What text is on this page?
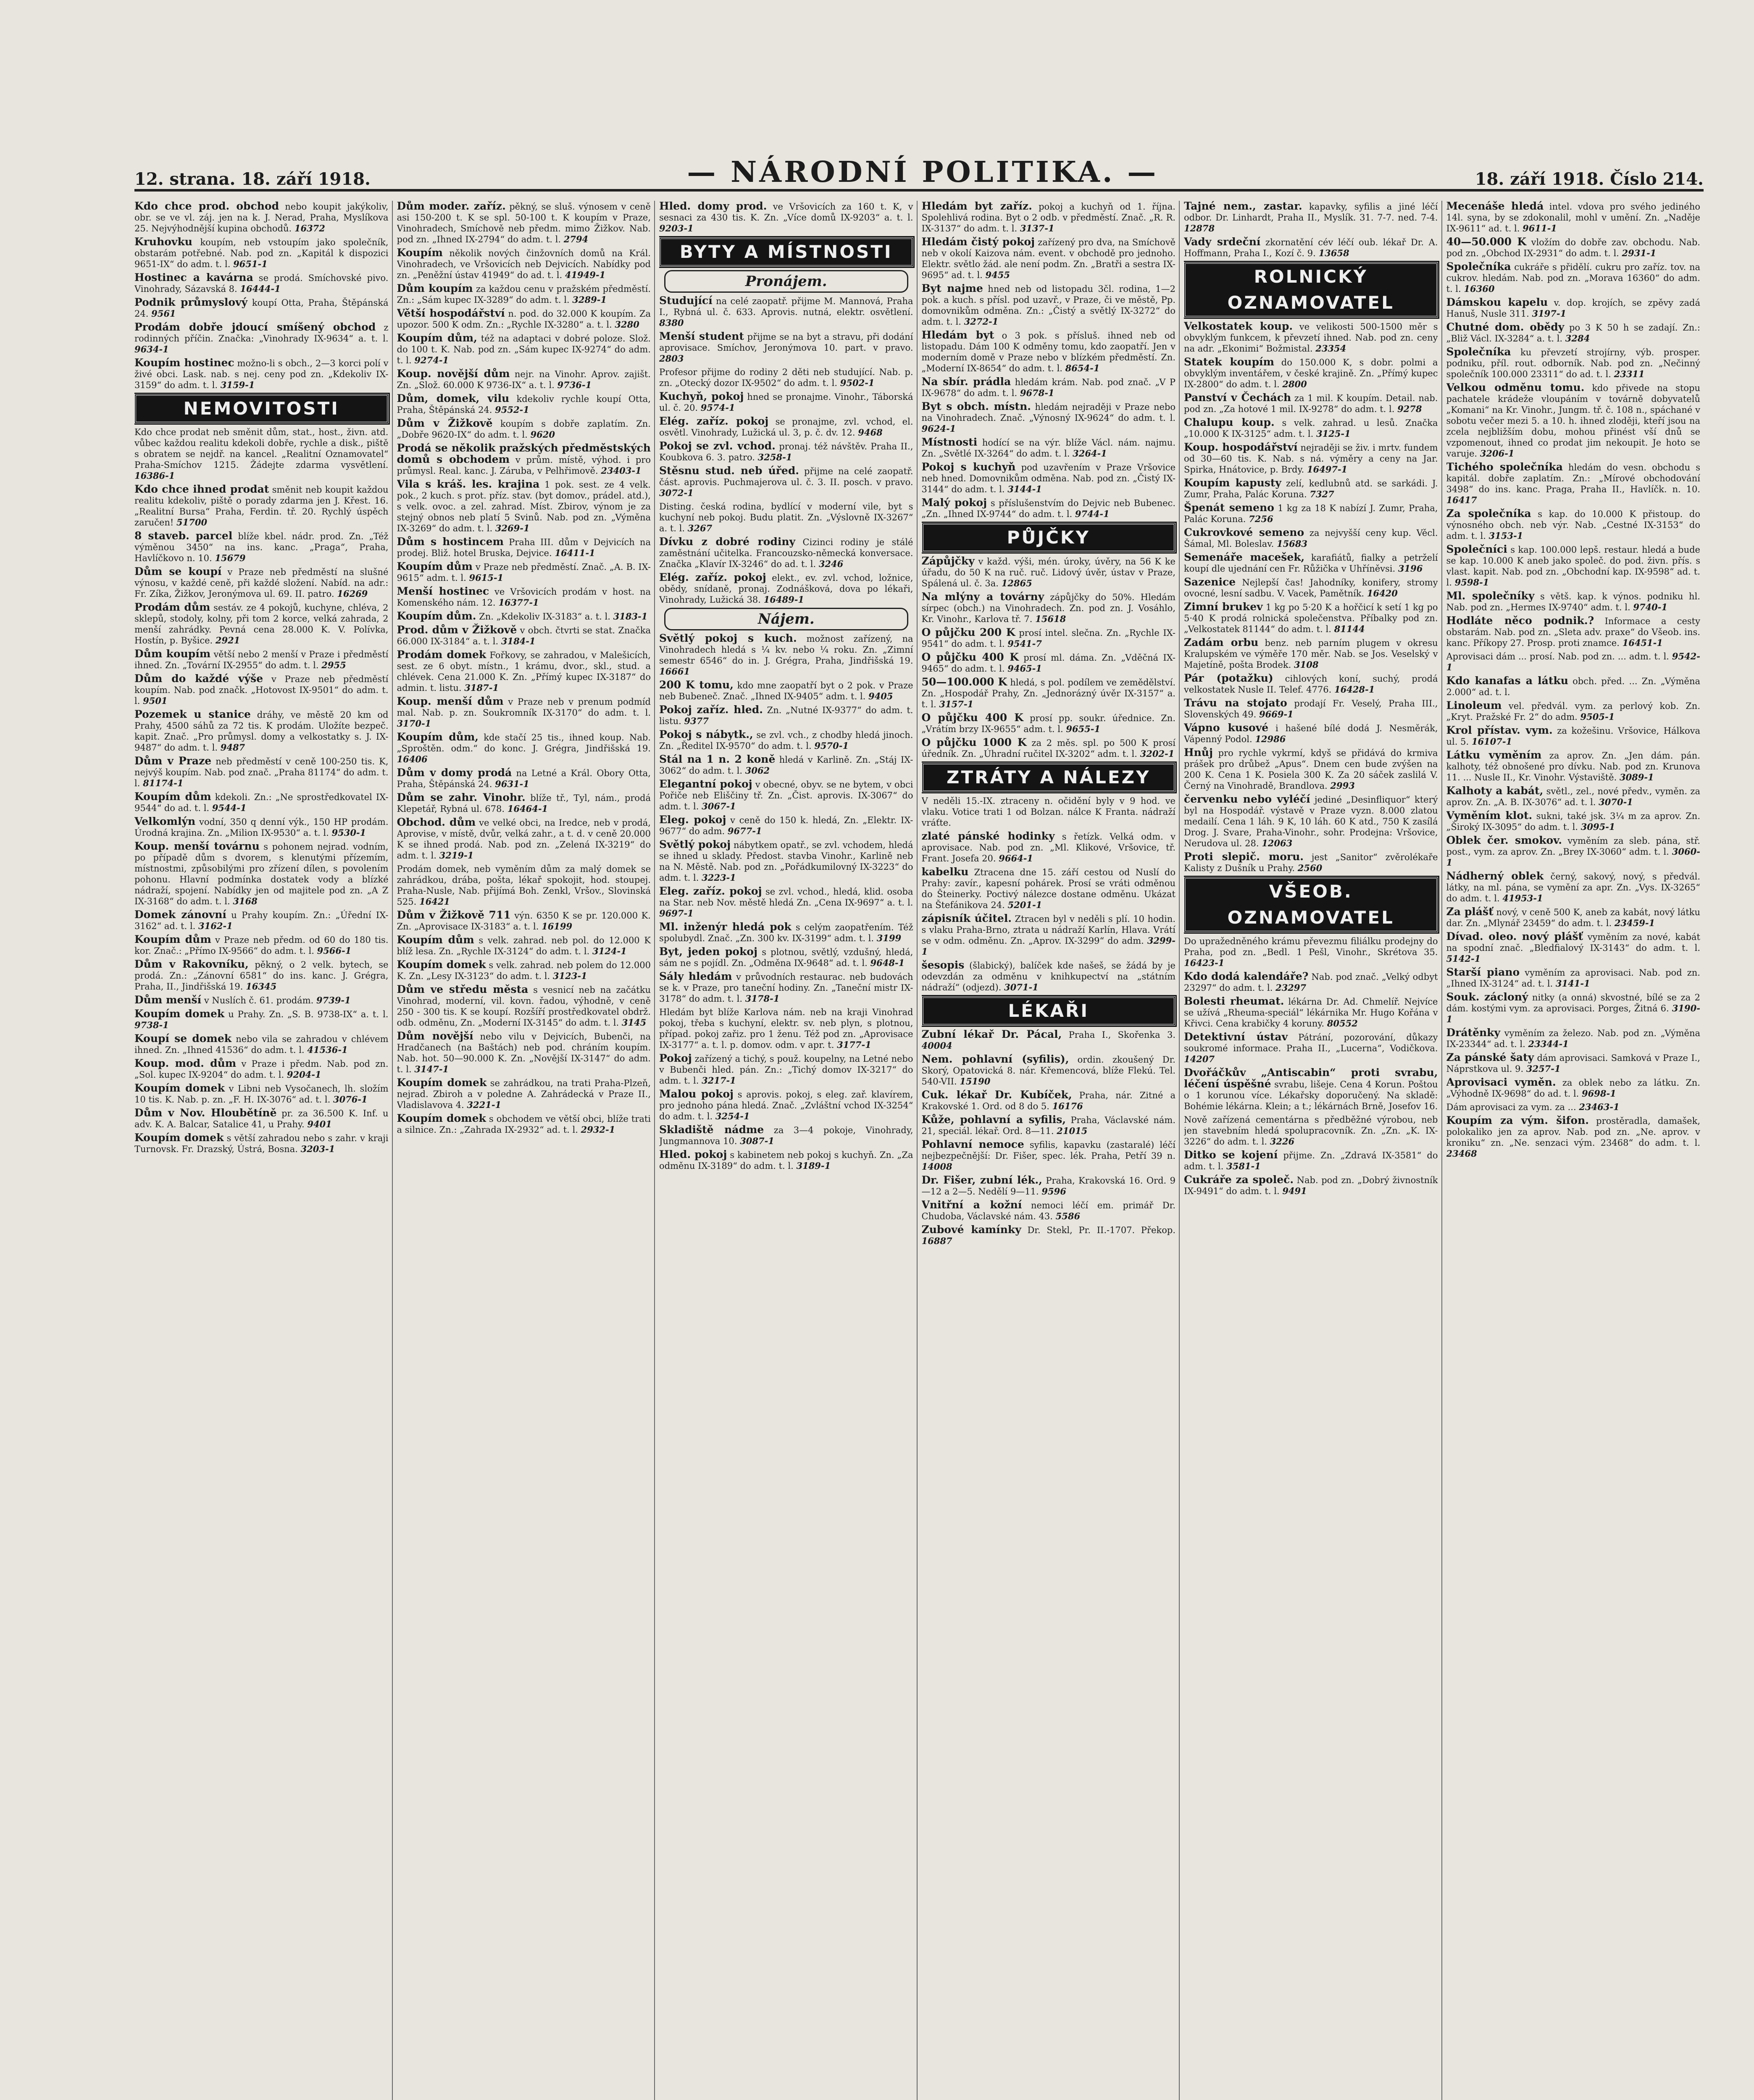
12. strana. 18. září 1918.	— NÁRODNÍ POLITIKA. —	18. září 1918. Číslo 214.

Kdo chce prod. obchod nebo koupit jakýkoliv, obr. se ve vl. záj. jen na k. J. Nerad, Praha, Myslíkova 25. Nejvýhodnější kupina obchodů. 16372

Kruhovku koupím, neb vstoupím jako společník, obstarám potřebné. Nab. pod zn. „Kapitál k dispozici 9651-IX“ do adm. t. l. 9651-1

Hostinec a kavárna se prodá. Smíchovské pivo. Vinohrady, Sázavská 8. 16444-1

Podnik průmyslový koupí Otta, Praha, Štěpánská 24. 9561

Prodám dobře jdoucí smíšený obchod z rodinných příčin. Značka: „Vinohrady IX-9634“ a. t. l. 9634-1

Koupím hostinec možno-li s obch., 2—3 korci polí v živé obci. Lask. nab. s nej. ceny pod zn. „Kdekoliv IX-3159“ do adm. t. l. 3159-1

NEMOVITOSTI

Kdo chce prodat neb směnit dům, stat., host., živn. atd. vůbec každou realitu kdekoli dobře, rychle a disk., piště s obratem se nejdř. na kancel. „Realitní Oznamovatel“ Praha-Smíchov 1215. Žádejte zdarma vysvětlení. 16386-1

Kdo chce ihned prodat směnit neb koupit každou realitu kdekoliv, piště o porady zdarma jen J. Křest. 16. „Realitní Bursa“ Praha, Ferdin. tř. 20. Rychlý úspěch zaručen! 51700

8 staveb. parcel blíže kbel. nádr. prod. Zn. „Též výměnou 3450“ na ins. kanc. „Praga“, Praha, Havlíčkovo n. 10. 15679

Dům se koupí v Praze neb předměstí na slušné výnosu, v každé ceně, při každé složení. Nabíd. na adr.: Fr. Zíka, Žižkov, Jeronýmova ul. 69. II. patro. 16269

Prodám dům sestáv. ze 4 pokojů, kuchyne, chléva, 2 sklepů, stodoly, kolny, při tom 2 korce, velká zahrada, 2 menší zahrádky. Pevná cena 28.000 K. V. Polívka, Hostín, p. Byšice. 2921

Dům koupím větší nebo 2 menší v Praze i předměstí ihned. Zn. „Tovární IX-2955“ do adm. t. l. 2955

Dům do každé výše v Praze neb předměstí koupím. Nab. pod značk. „Hotovost IX-9501“ do adm. t. l. 9501

Pozemek u stanice dráhy, ve městě 20 km od Prahy, 4500 sáhů za 72 tis. K prodám. Uložíte bezpeč. kapit. Znač. „Pro průmysl. domy a velkostatky s. J. IX-9487“ do adm. t. l. 9487

Dům v Praze neb předměstí v ceně 100-250 tis. K, nejvýš koupím. Nab. pod znač. „Praha 81174“ do adm. t. l. 81174-1

Koupím dům kdekoli. Zn.: „Ne sprostředkovatel IX-9544“ do ad. t. l. 9544-1

Velkomlýn vodní, 350 q denní výk., 150 HP prodám. Úrodná krajina. Zn. „Milion IX-9530“ a. t. l. 9530-1

Koup. menší továrnu s pohonem nejrad. vodním, po případě dům s dvorem, s klenutými přízemím, místnostmi, způsobilými pro zřízení dílen, s povolením pohonu. Hlavní podmínka dostatek vody a blízké nádraží, spojení. Nabídky jen od majitele pod zn. „A Z IX-3168“ do adm. t. l. 3168

Domek zánovní u Prahy koupím. Zn.: „Úřední IX-3162“ ad. t. l. 3162-1

Koupím dům v Praze neb předm. od 60 do 180 tis. kor. Znač.: „Přímo IX-9566“ do adm. t. l. 9566-1

Dům v Rakovníku, pěkný, o 2 velk. bytech, se prodá. Zn.: „Zánovní 6581“ do ins. kanc. J. Grégra, Praha, II., Jindřišská 19. 16345

Dům menší v Nuslích č. 61. prodám. 9739-1

Koupím domek u Prahy. Zn. „S. B. 9738-IX“ a. t. l. 9738-1

Koupí se domek nebo vila se zahradou v chlévem ihned. Zn. „Ihned 41536“ do adm. t. l. 41536-1

Koup. mod. dům v Praze i předm. Nab. pod zn. „Sol. kupec IX-9204“ do adm. t. l. 9204-1

Koupím domek v Libni neb Vysočanech, lh. složím 10 tis. K. Nab. p. zn. „F. H. IX-3076“ ad. t. l. 3076-1

Dům v Nov. Hloubětíně pr. za 36.500 K. Inf. u adv. K. A. Balcar, Satalice 41, u Prahy. 9401

Koupím domek s větší zahradou nebo s zahr. v kraji Turnovsk. Fr. Drazský, Ústrá, Bosna. 3203-1

Dům moder. zaříz. pěkný, se sluš. výnosem v ceně asi 150-200 t. K se spl. 50-100 t. K koupím v Praze, Vinohradech, Smíchově neb předm. mimo Žižkov. Nab. pod zn. „Ihned IX-2794“ do adm. t. l. 2794

Koupím několik nových činžovních domů na Král. Vinohradech, ve Vršovicích neb Dejvicích. Nabídky pod zn. „Peněžní ústav 41949“ do ad. t. l. 41949-1

Dům koupím za každou cenu v pražském předměstí. Zn.: „Sám kupec IX-3289“ do adm. t. l. 3289-1

Větší hospodářství n. pod. do 32.000 K koupím. Za upozor. 500 K odm. Zn.: „Rychle IX-3280“ a. t. l. 3280

Koupím dům, též na adaptaci v dobré poloze. Slož. do 100 t. K. Nab. pod zn. „Sám kupec IX-9274“ do adm. t. l. 9274-1

Koup. novější dům nejr. na Vinohr. Aprov. zajišt. Zn. „Slož. 60.000 K 9736-IX“ a. t. l. 9736-1

Dům, domek, vilu kdekoliv rychle koupí Otta, Praha, Štěpánská 24. 9552-1

Dům v Žižkově koupím s dobře zaplatím. Zn. „Dobře 9620-IX“ do adm. t. l. 9620

Prodá se několik pražských předměstských domů s obchodem v prům. místě, výhod. i pro průmysl. Real. kanc. J. Záruba, v Pelhřimově. 23403-1

Vila s kráš. les. krajina 1 pok. sest. ze 4 velk. pok., 2 kuch. s prot. příz. stav. (byt domov., prádel. atd.), s velk. ovoc. a zel. zahrad. Míst. Zbirov, výnom je za stejný obnos neb platí 5 Svinů. Nab. pod zn. „Výměna IX-3269“ do adm. t. l. 3269-1

Dům s hostincem Praha III. dům v Dejvicích na prodej. Bliž. hotel Bruska, Dejvice. 16411-1

Koupím dům v Praze neb předměstí. Znač. „A. B. IX-9615“ adm. t. l. 9615-1

Menší hostinec ve Vršovicích prodám v host. na Komenského nám. 12. 16377-1

Koupím dům. Zn. „Kdekoliv IX-3183“ a. t. l. 3183-1

Prod. dům v Žižkově v obch. čtvrti se stat. Značka 66.000 IX-3184“ a. t. l. 3184-1

Prodám domek Fořkovy, se zahradou, v Malešicích, sest. ze 6 obyt. místn., 1 krámu, dvor., skl., stud. a chlévek. Cena 21.000 K. Zn. „Přímý kupec IX-3187“ do admin. t. listu. 3187-1

Koup. menší dům v Praze neb v prenum podmíd mal. Nab. p. zn. Soukromník IX-3170“ do adm. t. l. 3170-1

Koupím dům, kde stačí 25 tis., ihned koup. Nab. „Sproštěn. odm.“ do konc. J. Grégra, Jindřišská 19. 16406

Dům v domy prodá na Letné a Král. Obory Otta, Praha, Štěpánská 24. 9631-1

Dům se zahr. Vinohr. blíže tř., Tyl, nám., prodá Klepetář, Rybná ul. 678. 16464-1

Obchod. dům ve velké obci, na Iredce, neb v prodá, Aprovise, v místě, dvůr, velká zahr., a t. d. v ceně 20.000 K se ihned prodá. Nab. pod zn. „Zelená IX-3219“ do adm. t. l. 3219-1

Prodám domek, neb vyměním dům za malý domek se zahrádkou, drába, pošta, lékař spokojit, hod. stoupej. Praha-Nusle, Nab. přijímá Boh. Zenkl, Vršov., Slovinská 525. 16421

Dům v Žižkově 711 výn. 6350 K se pr. 120.000 K. Zn. „Aprovisace IX-3183“ a. t. l. 16199

Koupím dům s velk. zahrad. neb pol. do 12.000 K blíž lesa. Zn. „Rychle IX-3124“ do adm. t. l. 3124-1

Koupím domek s velk. zahrad. neb polem do 12.000 K. Zn. „Lesy IX-3123“ do adm. t. l. 3123-1

Dům ve středu města s vesnicí neb na začátku Vinohrad, moderní, vil. kovn. řadou, výhodně, v ceně 250 - 300 tis. K se koupí. Rozšíří prostředkovatel obdrž. odb. odměnu, Zn. „Moderní IX-3145“ do adm. t. l. 3145

Dům novější nebo vilu v Dejvicích, Bubenči, na Hradčanech (na Baštách) neb pod. chráním koupím. Nab. hot. 50—90.000 K. Zn. „Novější IX-3147“ do adm. t. l. 3147-1

Koupím domek se zahrádkou, na trati Praha-Plzeň, nejrad. Zbiroh a v poledne A. Zahrádecká v Praze II., Vladislavova 4. 3221-1

Koupím domek s obchodem ve větší obci, blíže trati a silnice. Zn.: „Zahrada IX-2932“ ad. t. l. 2932-1

Hled. domy prod. ve Vršovicích za 160 t. K, v sesnaci za 430 tis. K. Zn. „Více domů IX-9203“ a. t. l. 9203-1

BYTY A MÍSTNOSTI
Pronájem.

Studující na celé zaopatř. přijme M. Mannová, Praha I., Rybná ul. č. 633. Aprovis. nutná, elektr. osvětlení. 8380

Menší student přijme se na byt a stravu, při dodání aprovisace. Smíchov, Jeronýmova 10. part. v pravo. 2803

Profesor přijme do rodiny 2 děti neb studující. Nab. p. zn. „Otecký dozor IX-9502“ do adm. t. l. 9502-1

Kuchyň, pokoj hned se pronajme. Vinohr., Táborská ul. č. 20. 9574-1

Elég. zaříz. pokoj se pronajme, zvl. vchod, el. osvětl. Vinohrady, Lužická ul. 3, p. č. dv. 12. 9468

Pokoj se zvl. vchod. pronaj. též návštěv. Praha II., Koubkova 6. 3. patro. 3258-1

Stěsnu stud. neb úřed. přijme na celé zaopatř. část. aprovis. Puchmajerova ul. č. 3. II. posch. v pravo. 3072-1

Disting. česká rodina, bydlící v moderní vile, byt s kuchyní neb pokoj. Budu platit. Zn. „Výslovně IX-3267“ a. t. l. 3267

Dívku z dobré rodiny Cizinci rodiny je stálé zaměstnání učitelka. Francouzsko-německá konversace. Značka „Klavír IX-3246“ do ad. t. l. 3246

Elég. zaříz. pokoj elekt., ev. zvl. vchod, ložnice, obědy, snídaně, pronaj. Zodnášková, dova po lékaři, Vinohrady, Lužická 38. 16489-1

Nájem.

Světlý pokoj s kuch. možnost zařízený, na Vinohradech hledá s ¼ kv. nebo ¼ roku. Zn. „Zimní semestr 6546“ do in. J. Grégra, Praha, Jindřišská 19. 16661

200 K tomu, kdo mne zaopatří byt o 2 pok. v Praze neb Bubeneč. Znač. „Ihned IX-9405“ adm. t. l. 9405

Pokoj zaříz. hled. Zn. „Nutné IX-9377“ do adm. t. listu. 9377

Pokoj s nábytk., se zvl. vch., z chodby hledá jinoch. Zn. „Ředitel IX-9570“ do adm. t. l. 9570-1

Stál na 1 n. 2 koně hledá v Karlině. Zn. „Stáj IX-3062“ do adm. t. l. 3062

Elegantní pokoj v obecné, obyv. se ne bytem, v obci Pořiče neb Eliščiny tř. Zn. „Čist. aprovis. IX-3067“ do adm. t. l. 3067-1

Eleg. pokoj v ceně do 150 k. hledá, Zn. „Elektr. IX-9677“ do adm. 9677-1

Světlý pokoj nábytkem opatř., se zvl. vchodem, hledá se ihned u sklady. Předost. stavba Vinohr., Karlině neb na N. Městě. Nab. pod zn. „Pořádkumilovný IX-3223“ do adm. t. l. 3223-1

Eleg. zaříz. pokoj se zvl. vchod., hledá, klid. osoba na Star. neb Nov. městě hledá Zn. „Cena IX-9697“ a. t. l. 9697-1

Ml. inženýr hledá pok s celým zaopatřením. Též spolubydl. Znač. „Zn. 300 kv. IX-3199“ adm. t. l. 3199

Byt, jeden pokoj s plotnou, světlý, vzdušný, hledá, sám ne s pojídl. Zn. „Odměna IX-9648“ ad. t. l. 9648-1

Sály hledám v průvodních restaurac. neb budovách se k. v Praze, pro taneční hodiny. Zn. „Taneční mistr IX-3178“ do adm. t. l. 3178-1

Hledám byt blíže Karlova nám. neb na kraji Vinohrad pokoj, třeba s kuchyní, elektr. sv. neb plyn, s plotnou, případ. pokoj zařiz. pro 1 ženu. Též pod zn. „Aprovisace IX-3177“ a. t. l. p. domov. odm. v apr. t. 3177-1

Pokoj zařízený a tichý, s použ. koupelny, na Letné nebo v Bubenči hled. pán. Zn.: „Tichý domov IX-3217“ do adm. t. l. 3217-1

Malou pokoj s aprovis. pokoj, s eleg. zař. klavírem, pro jednoho pána hledá. Znač. „Zvláštní vchod IX-3254“ do adm. t. l. 3254-1

Skladiště nádme za 3—4 pokoje, Vinohrady, Jungmannova 10. 3087-1

Hled. pokoj s kabinetem neb pokoj s kuchyň. Zn. „Za odměnu IX-3189“ do adm. t. l. 3189-1

Hledám byt zaříz. pokoj a kuchyň od 1. října. Spolehlivá rodina. Byt o 2 odb. v předměstí. Znač. „R. R. IX-3137“ do adm. t. l. 3137-1

Hledám čistý pokoj zařízený pro dva, na Smíchově neb v okolí Kaizova nám. event. v obchodě pro jednoho. Elektr. světlo žád. ale není podm. Zn. „Bratři a sestra IX-9695“ ad. t. l. 9455

Byt najme hned neb od listopadu 3čl. rodina, 1—2 pok. a kuch. s přísl. pod uzavř., v Praze, či ve městě, Pp. domovnikům odměna. Zn.: „Čistý a světlý IX-3272“ do adm. t. l. 3272-1

Hledám byt o 3 pok. s přísluš. ihned neb od listopadu. Dám 100 K odměny tomu, kdo zaopatří. Jen v moderním domě v Praze nebo v blízkém předměstí. Zn. „Moderní IX-8654“ do adm. t. l. 8654-1

Na sbír. prádla hledám krám. Nab. pod znač. „V P IX-9678“ do adm. t. l. 9678-1

Byt s obch. místn. hledám nejraději v Praze nebo na Vinohradech. Znač. „Výnosný IX-9624“ do adm. t. l. 9624-1

Místnosti hodící se na výr. blíže Václ. nám. najmu. Zn. „Světlé IX-3264“ do adm. t. l. 3264-1

Pokoj s kuchyň pod uzavřením v Praze Vršovice neb hned. Domovnikům odměna. Nab. pod zn. „Čistý IX-3144“ do adm. t. l. 3144-1

Malý pokoj s příslušenstvím do Dejvic neb Bubenec. „Zn. „Ihned IX-9744“ do adm. t. l. 9744-1

PŮJČKY

Zápůjčky v každ. výši, mén. úroky, úvěry, na 56 K ke úřadu, do 50 K na ruč. ruč. Lidový úvěr, ústav v Praze, Spálená ul. č. 3a. 12865

Na mlýny a továrny zápůjčky do 50%. Hledám sírpec (obch.) na Vinohradech. Zn. pod zn. J. Vosáhlo, Kr. Vinohr., Karlova tř. 7. 15618

O půjčku 200 K prosí intel. slečna. Zn. „Rychle IX-9541“ do adm. t. l. 9541-7

O půjčku 400 K prosí ml. dáma. Zn. „Vděčná IX-9465“ do adm. t. l. 9465-1

50—100.000 K hledá, s pol. podílem ve zemědělství. Zn. „Hospodář Prahy, Zn. „Jednorázný úvěr IX-3157“ a. t. l. 3157-1

O půjčku 400 K prosí pp. soukr. úřednice. Zn. „Vrátím brzy IX-9655“ adm. t. l. 9655-1

O půjčku 1000 K za 2 měs. spl. po 500 K prosí úředník. Zn. „Úhradní ručitel IX-3202“ adm. t. l. 3202-1

ZTRÁTY A NÁLEZY

V neděli 15.-IX. ztraceny n. očidění byly v 9 hod. ve vlaku. Votice trati 1 od Bolzan. nálce K Franta. nádraží vráťte.

zlaté pánské hodinky s řetízk. Velká odm. v aprovisace. Nab. pod zn. „Ml. Klikové, Vršovice, tř. Frant. Josefa 20. 9664-1

kabelku Ztracena dne 15. září cestou od Nuslí do Prahy: zavír., kapesní pohárek. Prosí se vráti odměnou do Šteinerky. Poctivý nálezce dostane odměnu. Ukázat na Štefánikova 24. 5201-1

zápisník účitel. Ztracen byl v neděli s plí. 10 hodin. s vlaku Praha-Brno, ztrata u nádraží Karlín, Hlava. Vrátí se v odm. odměnu. Zn. „Aprov. IX-3299“ do adm. 3299-1

šesopis (šlabický), balíček kde našeš, se žádá by je odevzdán za odměnu v knihkupectví na „státním nádraží“ (odjezd). 3071-1

LÉKAŘI

Zubní lékař Dr. Pácal, Praha I., Skořenka 3. 40004

Nem. pohlavní (syfilis), ordin. zkoušený Dr. Skorý, Opatovická 8. nár. Křemencová, blíže Flekú. Tel. 540-VII. 15190

Cuk. lékař Dr. Kubíček, Praha, nár. Zitné a Krakovské 1. Ord. od 8 do 5. 16176

Kůže, pohlavní a syfilis, Praha, Václavské nám. 21, speciál. lékař. Ord. 8—11. 21015

Pohlavní nemoce syfilis, kapavku (zastaralé) léčí nejbezpečnější: Dr. Fišer, spec. lék. Praha, Petří 39 n. 14008

Dr. Fišer, zubní lék., Praha, Krakovská 16. Ord. 9—12 a 2—5. Nedělí 9—11. 9596

Vnitřní a kožní nemoci léčí em. primář Dr. Chudoba, Václavské nám. 43. 5586

Zubové kamínky Dr. Stekl, Pr. II.-1707. Překop. 16887

Tajné nem., zastar. kapavky, syfilis a jiné léčí odbor. Dr. Linhardt, Praha II., Myslík. 31. 7-7. ned. 7-4. 12878

Vady srdeční zkornatění cév léčí oub. lékař Dr. A. Hoffmann, Praha I., Kozí č. 9. 13658

ROLNICKÝ OZNAMOVATEL

Velkostatek koup. ve velikosti 500-1500 měr s obvyklým funkcem, k převzetí ihned. Nab. pod zn. ceny na adr. „Ekonimi“ Božmistal. 23354

Statek koupím do 150.000 K, s dobr. polmi a obvyklým inventářem, v české krajině. Zn. „Přímý kupec IX-2800“ do adm. t. l. 2800

Panství v Čechách za 1 mil. K koupím. Detail. nab. pod zn. „Za hotové 1 mil. IX-9278“ do adm. t. l. 9278

Chalupu koup. s velk. zahrad. u lesů. Značka „10.000 K IX-3125“ adm. t. l. 3125-1

Koup. hospodářství nejraději se živ. i mrtv. fundem od 30—60 tis. K. Nab. s ná. výměry a ceny na Jar. Spirka, Hnátovice, p. Brdy. 16497-1

Koupím kapusty zelí, kedlubnů atd. se sarkádi. J. Zumr, Praha, Palác Koruna. 7327

Špenát semeno 1 kg za 18 K nabízí J. Zumr, Praha, Palác Koruna. 7256

Cukrovkové semeno za nejvyšší ceny kup. Věcl. Šámal, Ml. Boleslav. 15683

Semenáře macešek, karafiátů, fialky a petrželí koupí dle ujednání cen Fr. Růžička v Uhříněvsi. 3196

Sazenice Nejlepší čas! Jahodníky, konifery, stromy ovocné, lesní sadbu. V. Vacek, Pamětník. 16420

Zimní brukev 1 kg po 5·20 K a hořčicí k setí 1 kg po 5·40 K prodá rolnická společenstva. Příbalky pod zn. „Velkostatek 81144“ do adm. t. l. 81144

Zadám orbu benz. neb parním plugem v okresu Kralupském ve výměře 170 měr. Nab. se Jos. Veselský v Majetíně, pošta Brodek. 3108

Pár (potažku) cihlových koní, suchý, prodá velkostatek Nusle II. Telef. 4776. 16428-1

Trávu na stojato prodají Fr. Veselý, Praha III., Slovenských 49. 9669-1

Vápno kusové i hašené bílé dodá J. Nesměrák, Vápenný Podol. 12986

Hnůj pro rychle vykrmí, kdyš se přidává do krmiva prášek pro drůbež „Apus“. Dnem cen bude zvýšen na 200 K. Cena 1 K. Posiela 300 K. Za 20 sáček zaslilá V. Černý na Vinohradě, Brandlova. 2993

červenku nebo vyléčí jediné „Desinfliquor“ který byl na Hospodář. výstavě v Praze vyzn. 8.000 zlatou medailí. Cena 1 láh. 9 K, 10 láh. 60 K atd., 750 K zasílá Drog. J. Svare, Praha-Vinohr., sohr. Prodejna: Vršovice, Nerudova ul. 28. 12063

Proti slepič. moru. jest „Sanitor“ zvěrolékaře Kalisty z Dušník u Prahy. 2560

VŠEOB. OZNAMOVATEL

Do upražedněného krámu převezmu filiálku prodejny do Praha, pod zn. „Bedl. 1 Pešl, Vinohr., Skrétova 35. 16423-1

Kdo dodá kalendáře? Nab. pod znač. „Velký odbyt 23297“ do adm. t. l. 23297

Bolesti rheumat. lékárna Dr. Ad. Chmelíř. Nejvíce se užívá „Rheuma-speciál“ lékárnika Mr. Hugo Kořána v Křivci. Cena krabičky 4 koruny. 80552

Detektivní ústav Pátrání, pozorování, důkazy soukromé informace. Praha II., „Lucerna“, Vodičkova. 14207

Dvořáčkův „Antiscabin“ proti svrabu, léčení úspěšné svrabu, lišeje. Cena 4 Korun. Poštou o 1 korunou více. Lékařsky doporučený. Na skladě: Bohémie lékárna. Klein; a t.; lékárnách Brně, Josefov 16.

Nově zařízená cementárna s předběžné výrobou, neb jen stavebním hledá spolupracovník. Zn. „Zn. „K. IX-3226“ do adm. t. l. 3226

Ditko se kojení přijme. Zn. „Zdravá IX-3581“ do adm. t. l. 3581-1

Cukráře za společ. Nab. pod zn. „Dobrý živnostník IX-9491“ do adm. t. l. 9491

Mecenáše hledá intel. vdova pro svého jediného 14l. syna, by se zdokonalil, mohl v umění. Zn. „Naděje IX-9611“ ad. t. l. 9611-1

40—50.000 K vložím do dobře zav. obchodu. Nab. pod zn. „Obchod IX-2931“ do adm. t. l. 2931-1

Společníka cukráře s přidělí. cukru pro zaříz. tov. na cukrov. hledám. Nab. pod zn. „Morava 16360“ do adm. t. l. 16360

Dámskou kapelu v. dop. krojích, se zpěvy zadá Hanuš, Nusle 311. 3197-1

Chutné dom. obědy po 3 K 50 h se zadají. Zn.: „Bliž Václ. IX-3284“ a. t. l. 3284

Společníka ku převzetí strojírny, výb. prosper. podniku, příl. rout. odborník. Nab. pod zn. „Nečinný společník 100.000 23311“ do ad. t. l. 23311

Velkou odměnu tomu. kdo přivede na stopu pachatele krádeže vloupáním v továrně dobyvatelů „Komani“ na Kr. Vinohr., Jungm. tř. č. 108 n., spáchané v sobotu večer mezi 5. a 10. h. ihned zloději, kteří jsou na zcela nejbližším dobu, mohou přinést vší dnů se vzpomenout, ihned co prodat jim nekoupit. Je hoto se varuje. 3206-1

Tichého společníka hledám do vesn. obchodu s kapitál. dobře zaplatím. Zn.: „Mírové obchodování 3498“ do ins. kanc. Praga, Praha II., Havlíčk. n. 10. 16417

Za společníka s kap. do 10.000 K přistoup. do výnosného obch. neb výr. Nab. „Cestné IX-3153“ do adm. t. l. 3153-1

Společníci s kap. 100.000 lepš. restaur. hledá a bude se kap. 10.000 K aneb jako společ. do pod. živn. přís. s vlast. kapit. Nab. pod zn. „Obchodní kap. IX-9598“ ad. t. l. 9598-1

Ml. společníky s větš. kap. k výnos. podniku hl. Nab. pod zn. „Hermes IX-9740“ adm. t. l. 9740-1

Hodláte něco podnik.? Informace a cesty obstarám. Nab. pod zn. „Sleta adv. praxe“ do Všeob. ins. kanc. Příkopy 27. Prosp. proti znamce. 16451-1

Aprovisaci dám ... prosí. Nab. pod zn. ... adm. t. l. 9542-1

Kdo kanafas a látku obch. před. ... Zn. „Výměna 2.000“ ad. t. l.

Linoleum vel. předvál. vym. za perlový kob. Zn. „Kryt. Pražské Fr. 2“ do adm. 9505-1

Krol přístav. vym. za kožešinu. Vršovice, Hálkova ul. 5. 16107-1

Látku vyměním za aprov. Zn. „Jen dám. pán. kalhoty, též obnošené pro dívku. Nab. pod zn. Krunova 11. ... Nusle II., Kr. Vinohr. Výstaviště. 3089-1

Kalhoty a kabát, světl., zel., nové předv., vyměn. za aprov. Zn. „A. B. IX-3076“ ad. t. l. 3070-1

Vyměním klot. sukni, také jsk. 3¼ m za aprov. Zn. „Široký IX-3095“ do adm. t. l. 3095-1

Oblek čer. smokov. vyměním za sleb. pána, stř. post., vym. za aprov. Zn. „Brey IX-3060“ adm. t. l. 3060-1

Nádherný oblek černý, sakový, nový, s předvál. látky, na ml. pána, se vymění za apr. Zn. „Vys. IX-3265“ do adm. t. l. 41953-1

Za plášť nový, v ceně 500 K, aneb za kabát, nový látku dar. Zn. „Mlynář 23459“ do adm. t. l. 23459-1

Dívad. oleo. nový plášť vyměním za nové, kabát na spodní znač. „Bledfialový IX-3143“ do adm. t. l. 5142-1

Starší piano vyměním za aprovisaci. Nab. pod zn. „Ihned IX-3124“ ad. t. l. 3141-1

Souk. zácloný nitky (a onná) skvostné, bílé se za 2 dám. kostými vym. za aprovisaci. Porges, Žitná 6. 3190-1

Drátěnky vyměním za železo. Nab. pod zn. „Výměna IX-23344“ ad. t. l. 23344-1

Za pánské šaty dám aprovisaci. Samková v Praze I., Náprstkova ul. 9. 3257-1

Aprovisaci vyměn. za oblek nebo za látku. Zn. „Výhodně IX-9698“ do ad. t. l. 9698-1

Dám aprovisaci za vym. za ... 23463-1

Koupím za vým. šifon. prostěradla, damašek, polokaliko jen za aprov. Nab. pod zn. „Ne. aprov. v kroniku“ zn. „Ne. senzaci vým. 23468“ do adm. t. l. 23468
